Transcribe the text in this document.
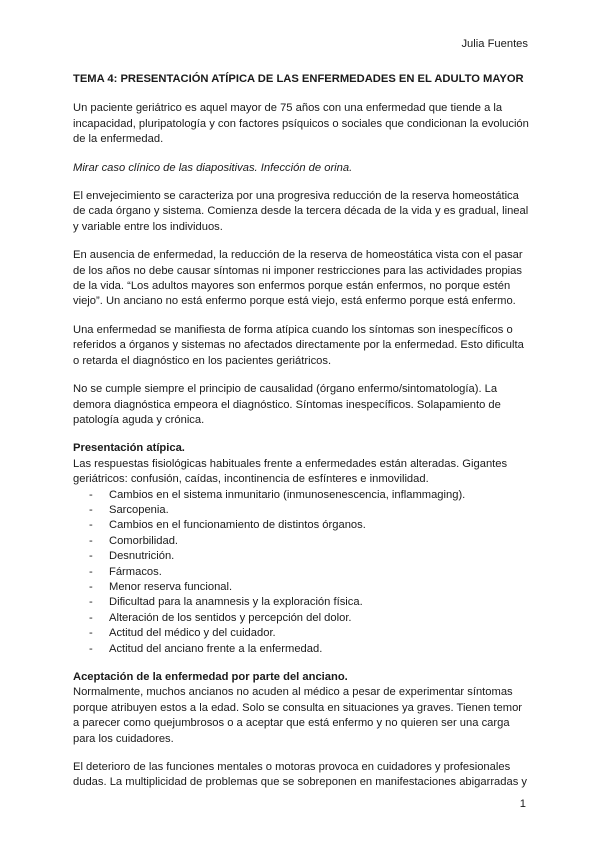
Julia Fuentes
TEMA 4: PRESENTACIÓN ATÍPICA DE LAS ENFERMEDADES EN EL ADULTO MAYOR

Un paciente geriátrico es aquel mayor de 75 años con una enfermedad que tiende a la incapacidad, pluripatología y con factores psíquicos o sociales que condicionan la evolución de la enfermedad.

Mirar caso clínico de las diapositivas. Infección de orina.

El envejecimiento se caracteriza por una progresiva reducción de la reserva homeostática de cada órgano y sistema. Comienza desde la tercera década de la vida y es gradual, lineal y variable entre los individuos.

En ausencia de enfermedad, la reducción de la reserva de homeostática vista con el pasar de los años no debe causar síntomas ni imponer restricciones para las actividades propias de la vida. “Los adultos mayores son enfermos porque están enfermos, no porque estén viejo”. Un anciano no está enfermo porque está viejo, está enfermo porque está enfermo.

Una enfermedad se manifiesta de forma atípica cuando los síntomas son inespecíficos o referidos a órganos y sistemas no afectados directamente por la enfermedad. Esto dificulta o retarda el diagnóstico en los pacientes geriátricos.

No se cumple siempre el principio de causalidad (órgano enfermo/sintomatología). La demora diagnóstica empeora el diagnóstico. Síntomas inespecíficos. Solapamiento de patología aguda y crónica.

Presentación atípica.
Las respuestas fisiológicas habituales frente a enfermedades están alteradas. Gigantes geriátricos: confusión, caídas, incontinencia de esfínteres e inmovilidad.
- Cambios en el sistema inmunitario (inmunosenescencia, inflammaging).
- Sarcopenia.
- Cambios en el funcionamiento de distintos órganos.
- Comorbilidad.
- Desnutrición.
- Fármacos.
- Menor reserva funcional.
- Dificultad para la anamnesis y la exploración física.
- Alteración de los sentidos y percepción del dolor.
- Actitud del médico y del cuidador.
- Actitud del anciano frente a la enfermedad.
Aceptación de la enfermedad por parte del anciano.

Normalmente, muchos ancianos no acuden al médico a pesar de experimentar síntomas porque atribuyen estos a la edad. Solo se consulta en situaciones ya graves. Tienen temor a parecer como quejumbrosos o a aceptar que está enfermo y no quieren ser una carga para los cuidadores.

El deterioro de las funciones mentales o motoras provoca en cuidadores y profesionales dudas. La multiplicidad de problemas que se sobreponen en manifestaciones abigarradas y

1
